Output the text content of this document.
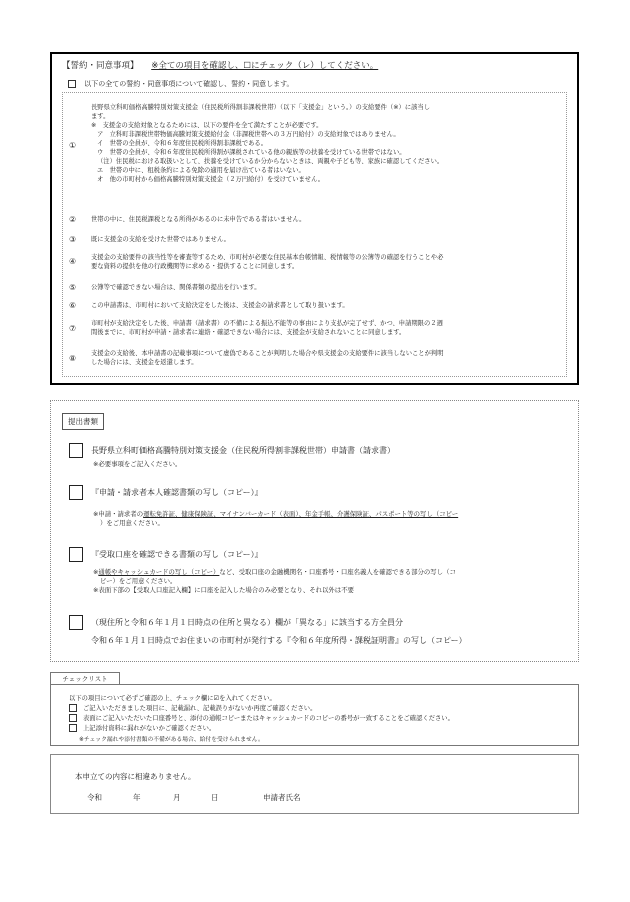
【誓約・同意事項】 ※全ての項目を確認し、☐にチェック（レ）してください。
以下の全ての誓約・同意事項について確認し、誓約・同意します。
①
長野県立科町価格高騰特別対策支援金（住民税所得割非課税世帯）（以下「支援金」という。）の支給要件（※）に該当し
ます。
※　支援金の支給対象となるためには、以下の要件を全て満たすことが必要です。
ア　立科町非課税世帯物価高騰対策支援給付金（非課税世帯への３万円給付）の支給対象ではありません。
イ　世帯の全員が、令和６年度住民税所得割非課税である。
ウ　世帯の全員が、令和６年度住民税所得割が課税されている他の親族等の扶養を受けている世帯ではない。
（注）住民税における取扱いとして、扶養を受けているか分からないときは、両親や子ども等、家族に確認してください。
エ　世帯の中に、租税条約による免除の適用を届け出ている者はいない。
オ　他の市町村から価格高騰特別対策支援金（２万円給付）を受けていません。
② 世帯の中に、住民税課税となる所得があるのに未申告である者はいません。
③ 既に支援金の支給を受けた世帯ではありません。
④ 支援金の支給要件の該当性等を審査等するため、市町村が必要な住民基本台帳情報、税情報等の公簿等の確認を行うことや必
要な資料の提供を他の行政機関等に求める・提供することに同意します。
⑤ 公簿等で確認できない場合は、関係書類の提出を行います。
⑥ この申請書は、市町村において支給決定をした後は、支援金の請求書として取り扱います。
⑦
市町村が支給決定をした後、申請書（請求書）の不備による振込不能等の事由により支払が完了せず、かつ、申請期限の２週
間後までに、市町村が申請・請求者に連絡・確認できない場合には、支援金が支給されないことに同意します。
⑧
支援金の支給後、本申請書の記載事項について虚偽であることが判明した場合や県支援金の支給要件に該当しないことが判明
した場合には、支援金を返還します。
提出書類
長野県立科町価格高騰特別対策支援金（住民税所得割非課税世帯）申請書（請求書）
※必要事項をご記入ください。
『申請・請求者本人確認書類の写し（コピー）』
※申請・請求者の運転免許証、健康保険証、マイナンバーカード（表面）、年金手帳、介護保険証、パスポート等の写し（コピー
）をご用意ください。
『受取口座を確認できる書類の写し（コピー）』
※通帳やキャッシュカードの写し（コピー）など、受取口座の金融機関名・口座番号・口座名義人を確認できる部分の写し（コ
ピー）をご用意ください。
※表面下部の【受取人口座記入欄】に口座を記入した場合のみ必要となり、それ以外は不要
（現住所と令和６年１月１日時点の住所と異なる）欄が「異なる」に該当する方全員分
令和６年１月１日時点でお住まいの市町村が発行する『令和６年度所得・課税証明書』の写し（コピー）
チェックリスト
以下の項目について必ずご確認の上、チェック欄に☑を入れてください。
ご記入いただきました項目に、記載漏れ、記載誤りがないか再度ご確認ください。
表面にご記入いただいた口座番号と、添付の通帳コピーまたはキャッシュカードのコピーの番号が一致することをご確認ください。
上記添付資料に漏れがないかご確認ください。
※チェック漏れや添付書類の不備がある場合、給付を受けられません。
本申立ての内容に相違ありません。
令和	年	月	日	申請者氏名
